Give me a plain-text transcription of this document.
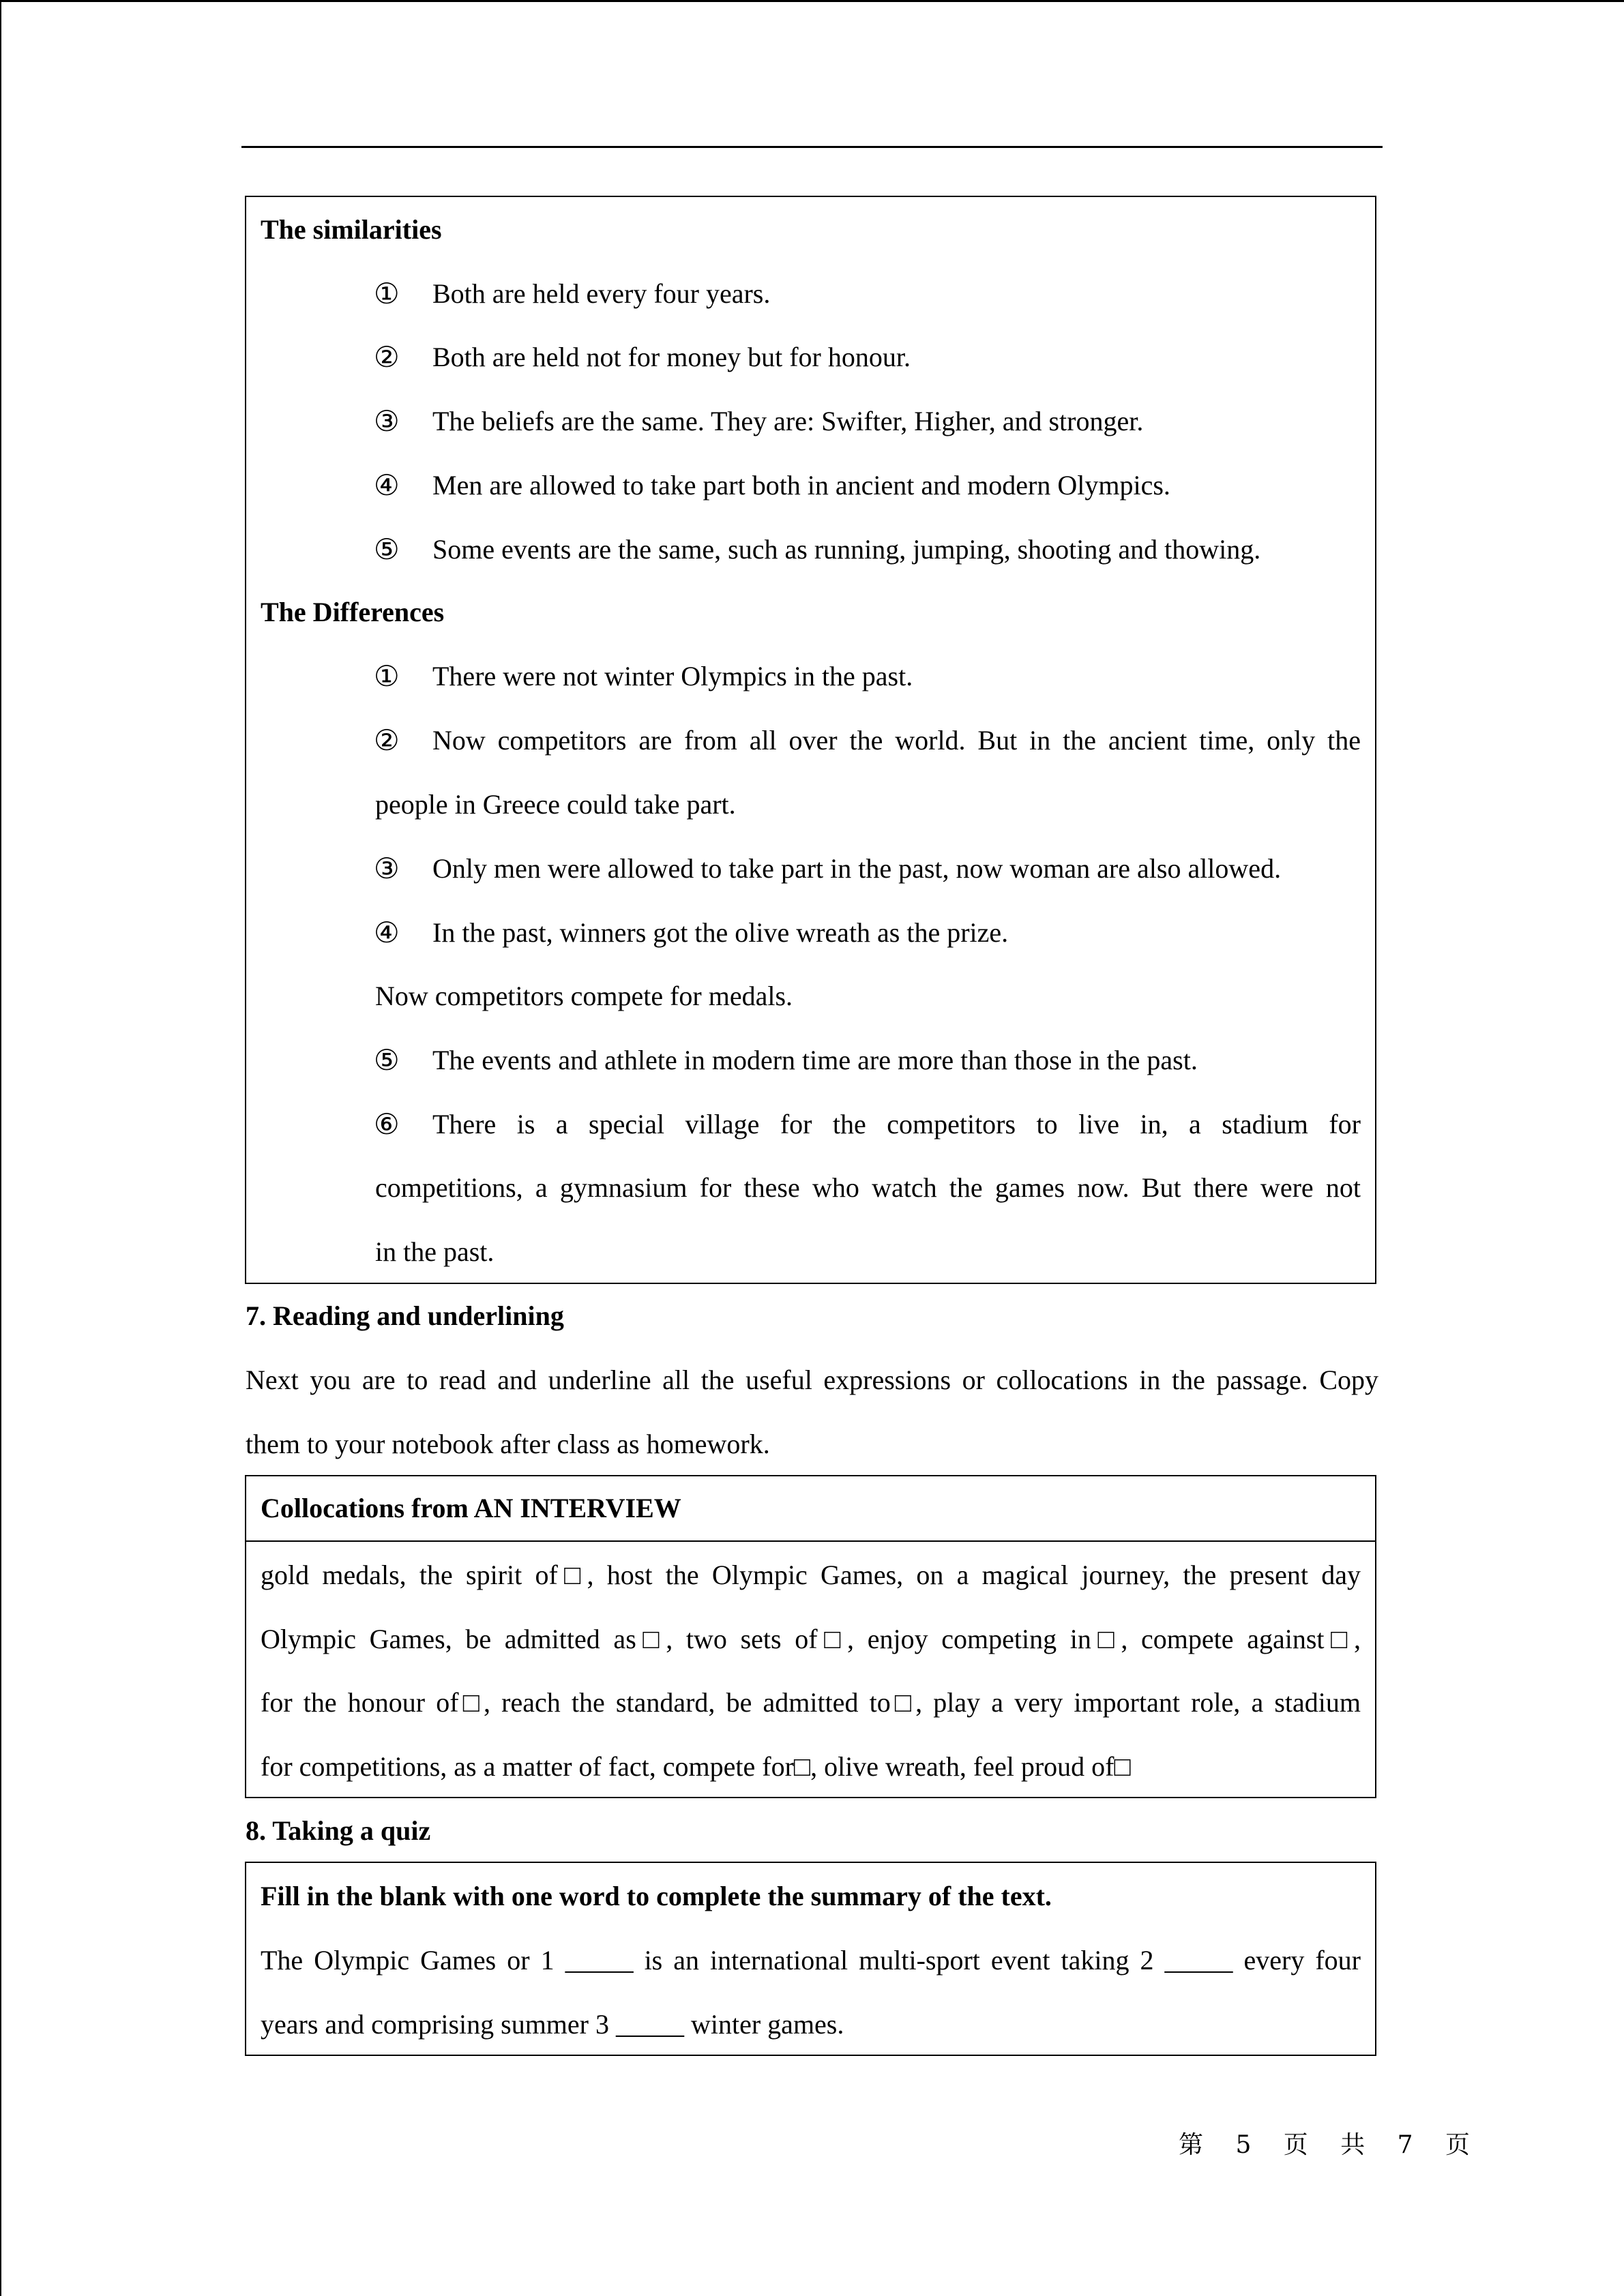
The similarities
① Both are held every four years.
② Both are held not for money but for honour.
③ The beliefs are the same. They are: Swifter, Higher, and stronger.
④ Men are allowed to take part both in ancient and modern Olympics.
⑤ Some events are the same, such as running, jumping, shooting and thowing.
The Differences
① There were not winter Olympics in the past.
② Now competitors are from all over the world. But in the ancient time, only the
people in Greece could take part.
③ Only men were allowed to take part in the past, now woman are also allowed.
④ In the past, winners got the olive wreath as the prize.
Now competitors compete for medals.
⑤ The events and athlete in modern time are more than those in the past.
⑥ There is a special village for the competitors to live in, a stadium for
competitions, a gymnasium for these who watch the games now. But there were not
in the past.
7. Reading and underlining
Next you are to read and underline all the useful expressions or collocations in the passage. Copy
them to your notebook after class as homework.
Collocations from AN INTERVIEW
gold medals, the spirit of□, host the Olympic Games, on a magical journey, the present day
Olympic Games, be admitted as□, two sets of□, enjoy competing in□, compete against□,
for the honour of□, reach the standard, be admitted to□, play a very important role, a stadium
for competitions, as a matter of fact, compete for□, olive wreath, feel proud of□
8. Taking a quiz
Fill in the blank with one word to complete the summary of the text.
The Olympic Games or 1 _____ is an international multi-sport event taking 2 _____ every four
years and comprising summer 3 _____ winter games.
第 5 页 共 7 页
